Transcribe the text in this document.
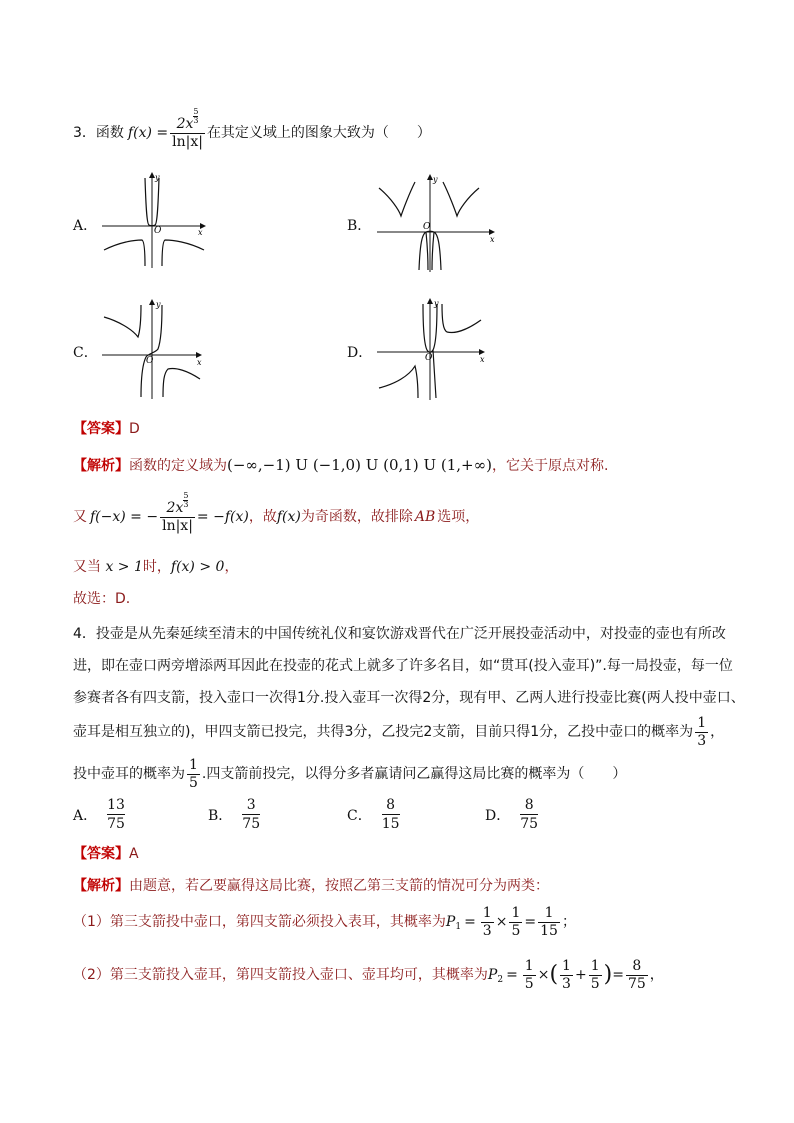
3． 函数 $f(x) = \frac{2x \frac{5}{3}}{\ln|x|}$ 在其定义域上的图象大致为（　　）
A．	x
y
O	B．
x
y
O
C．
x
y
O	D．	x
y
O
【答案】D
【解析】函数的定义域为(−∞,−1) U (−1,0) U (0,1) U (1,+∞)，它关于原点对称.
又 f(−x) = − $\frac{2x \frac{5}{3}}{\ln|x|} = -f(x)$ ，故 f(x) 为奇函数，故排除 AB 选项，
又当 x > 1时，f(x) > 0，
故选：D.
4．投壶是从先秦延续至清末的中国传统礼仪和宴饮游戏晋代在广泛开展投壶活动中，对投壶的壶也有所改
进，即在壶口两旁增添两耳因此在投壶的花式上就多了许多名目，如“贯耳(投入壶耳)”.每一局投壶，每一位
参赛者各有四支箭，投入壶口一次得1分.投入壶耳一次得2分，现有甲、乙两人进行投壶比赛(两人投中壶口、
壶耳是相互独立的)，甲四支箭已投完，共得3分，乙投完2支箭，目前只得1分，乙投中壶口的概率为 $\frac{1}{3}$ ，
投中壶耳的概率为 $\frac{1}{5}$ .四支箭前投完，以得分多者赢请问乙赢得这局比赛的概率为（　　）
A． $\frac{13}{75}$	B． $\frac{3}{75}$	C． $\frac{8}{15}$	D． $\frac{8}{75}$
【答案】A
【解析】由题意，若乙要赢得这局比赛，按照乙第三支箭的情况可分为两类：
（1）第三支箭投中壶口，第四支箭必须投入表耳，其概率为 P $1 = \frac{1}{3} \times \frac{1}{5} = \frac{1}{15}$ ；
（2）第三支箭投入壶耳，第四支箭投入壶口、壶耳均可，其概率为 P $2 = \frac{1}{5}$ × ( $\frac{1}{3} + \frac{1}{5}$ ) = $\frac{8}{75}$ ，
